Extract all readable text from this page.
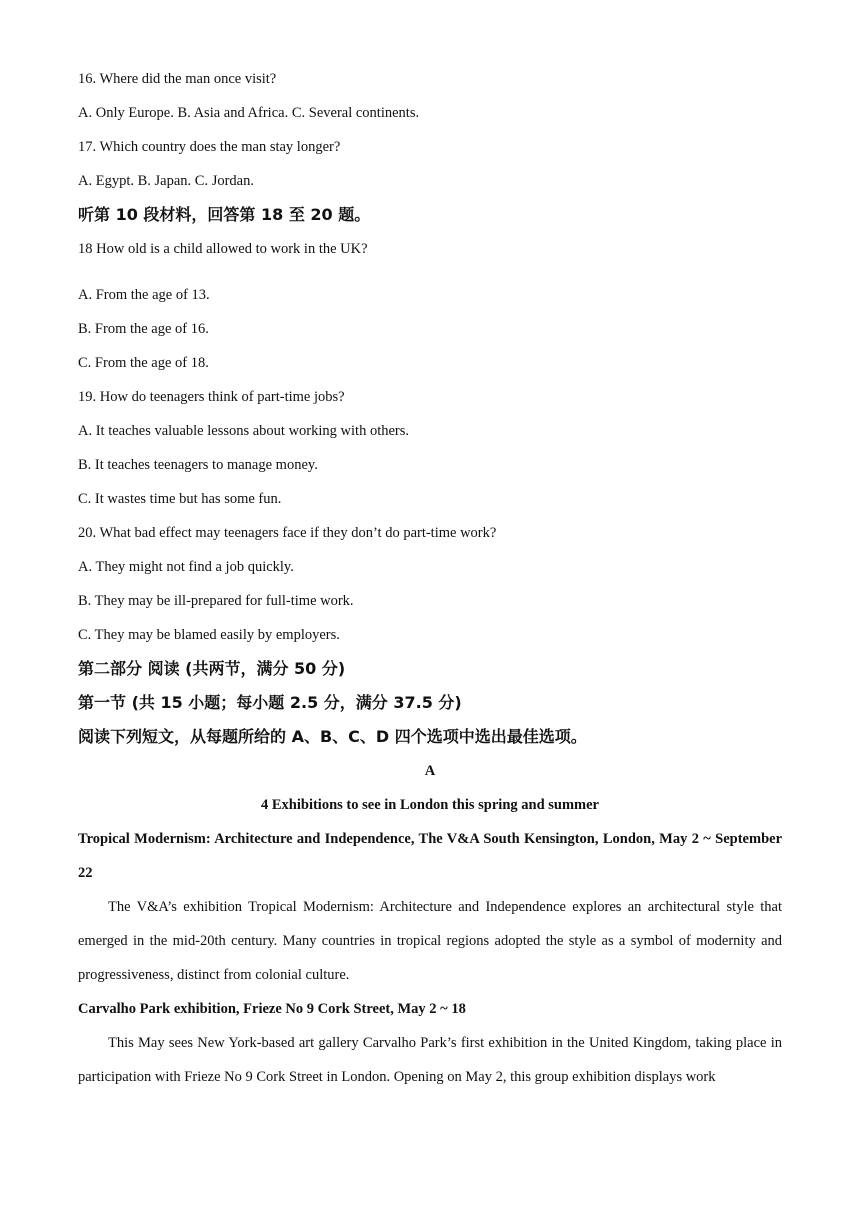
16. Where did the man once visit?

A. Only Europe. B. Asia and Africa. C. Several continents.

17. Which country does the man stay longer?

A. Egypt. B. Japan. C. Jordan.

听第 10 段材料，回答第 18 至 20 题。

18 How old is a child allowed to work in the UK?

A. From the age of 13.

B. From the age of 16.

C. From the age of 18.

19. How do teenagers think of part-time jobs?

A. It teaches valuable lessons about working with others.

B. It teaches teenagers to manage money.

C. It wastes time but has some fun.

20. What bad effect may teenagers face if they don’t do part-time work?

A. They might not find a job quickly.

B. They may be ill-prepared for full-time work.

C. They may be blamed easily by employers.

第二部分 阅读 (共两节，满分 50 分)

第一节 (共 15 小题；每小题 2.5 分，满分 37.5 分)

阅读下列短文，从每题所给的 A、B、C、D 四个选项中选出最佳选项。

A

4 Exhibitions to see in London this spring and summer

Tropical Modernism: Architecture and Independence, The V&A South Kensington, London, May 2 ~ September 22

The V&A’s exhibition Tropical Modernism: Architecture and Independence explores an architectural style that emerged in the mid-20th century. Many countries in tropical regions adopted the style as a symbol of modernity and progressiveness, distinct from colonial culture.

Carvalho Park exhibition, Frieze No 9 Cork Street, May 2 ~ 18

This May sees New York-based art gallery Carvalho Park’s first exhibition in the United Kingdom, taking place in participation with Frieze No 9 Cork Street in London. Opening on May 2, this group exhibition displays work
